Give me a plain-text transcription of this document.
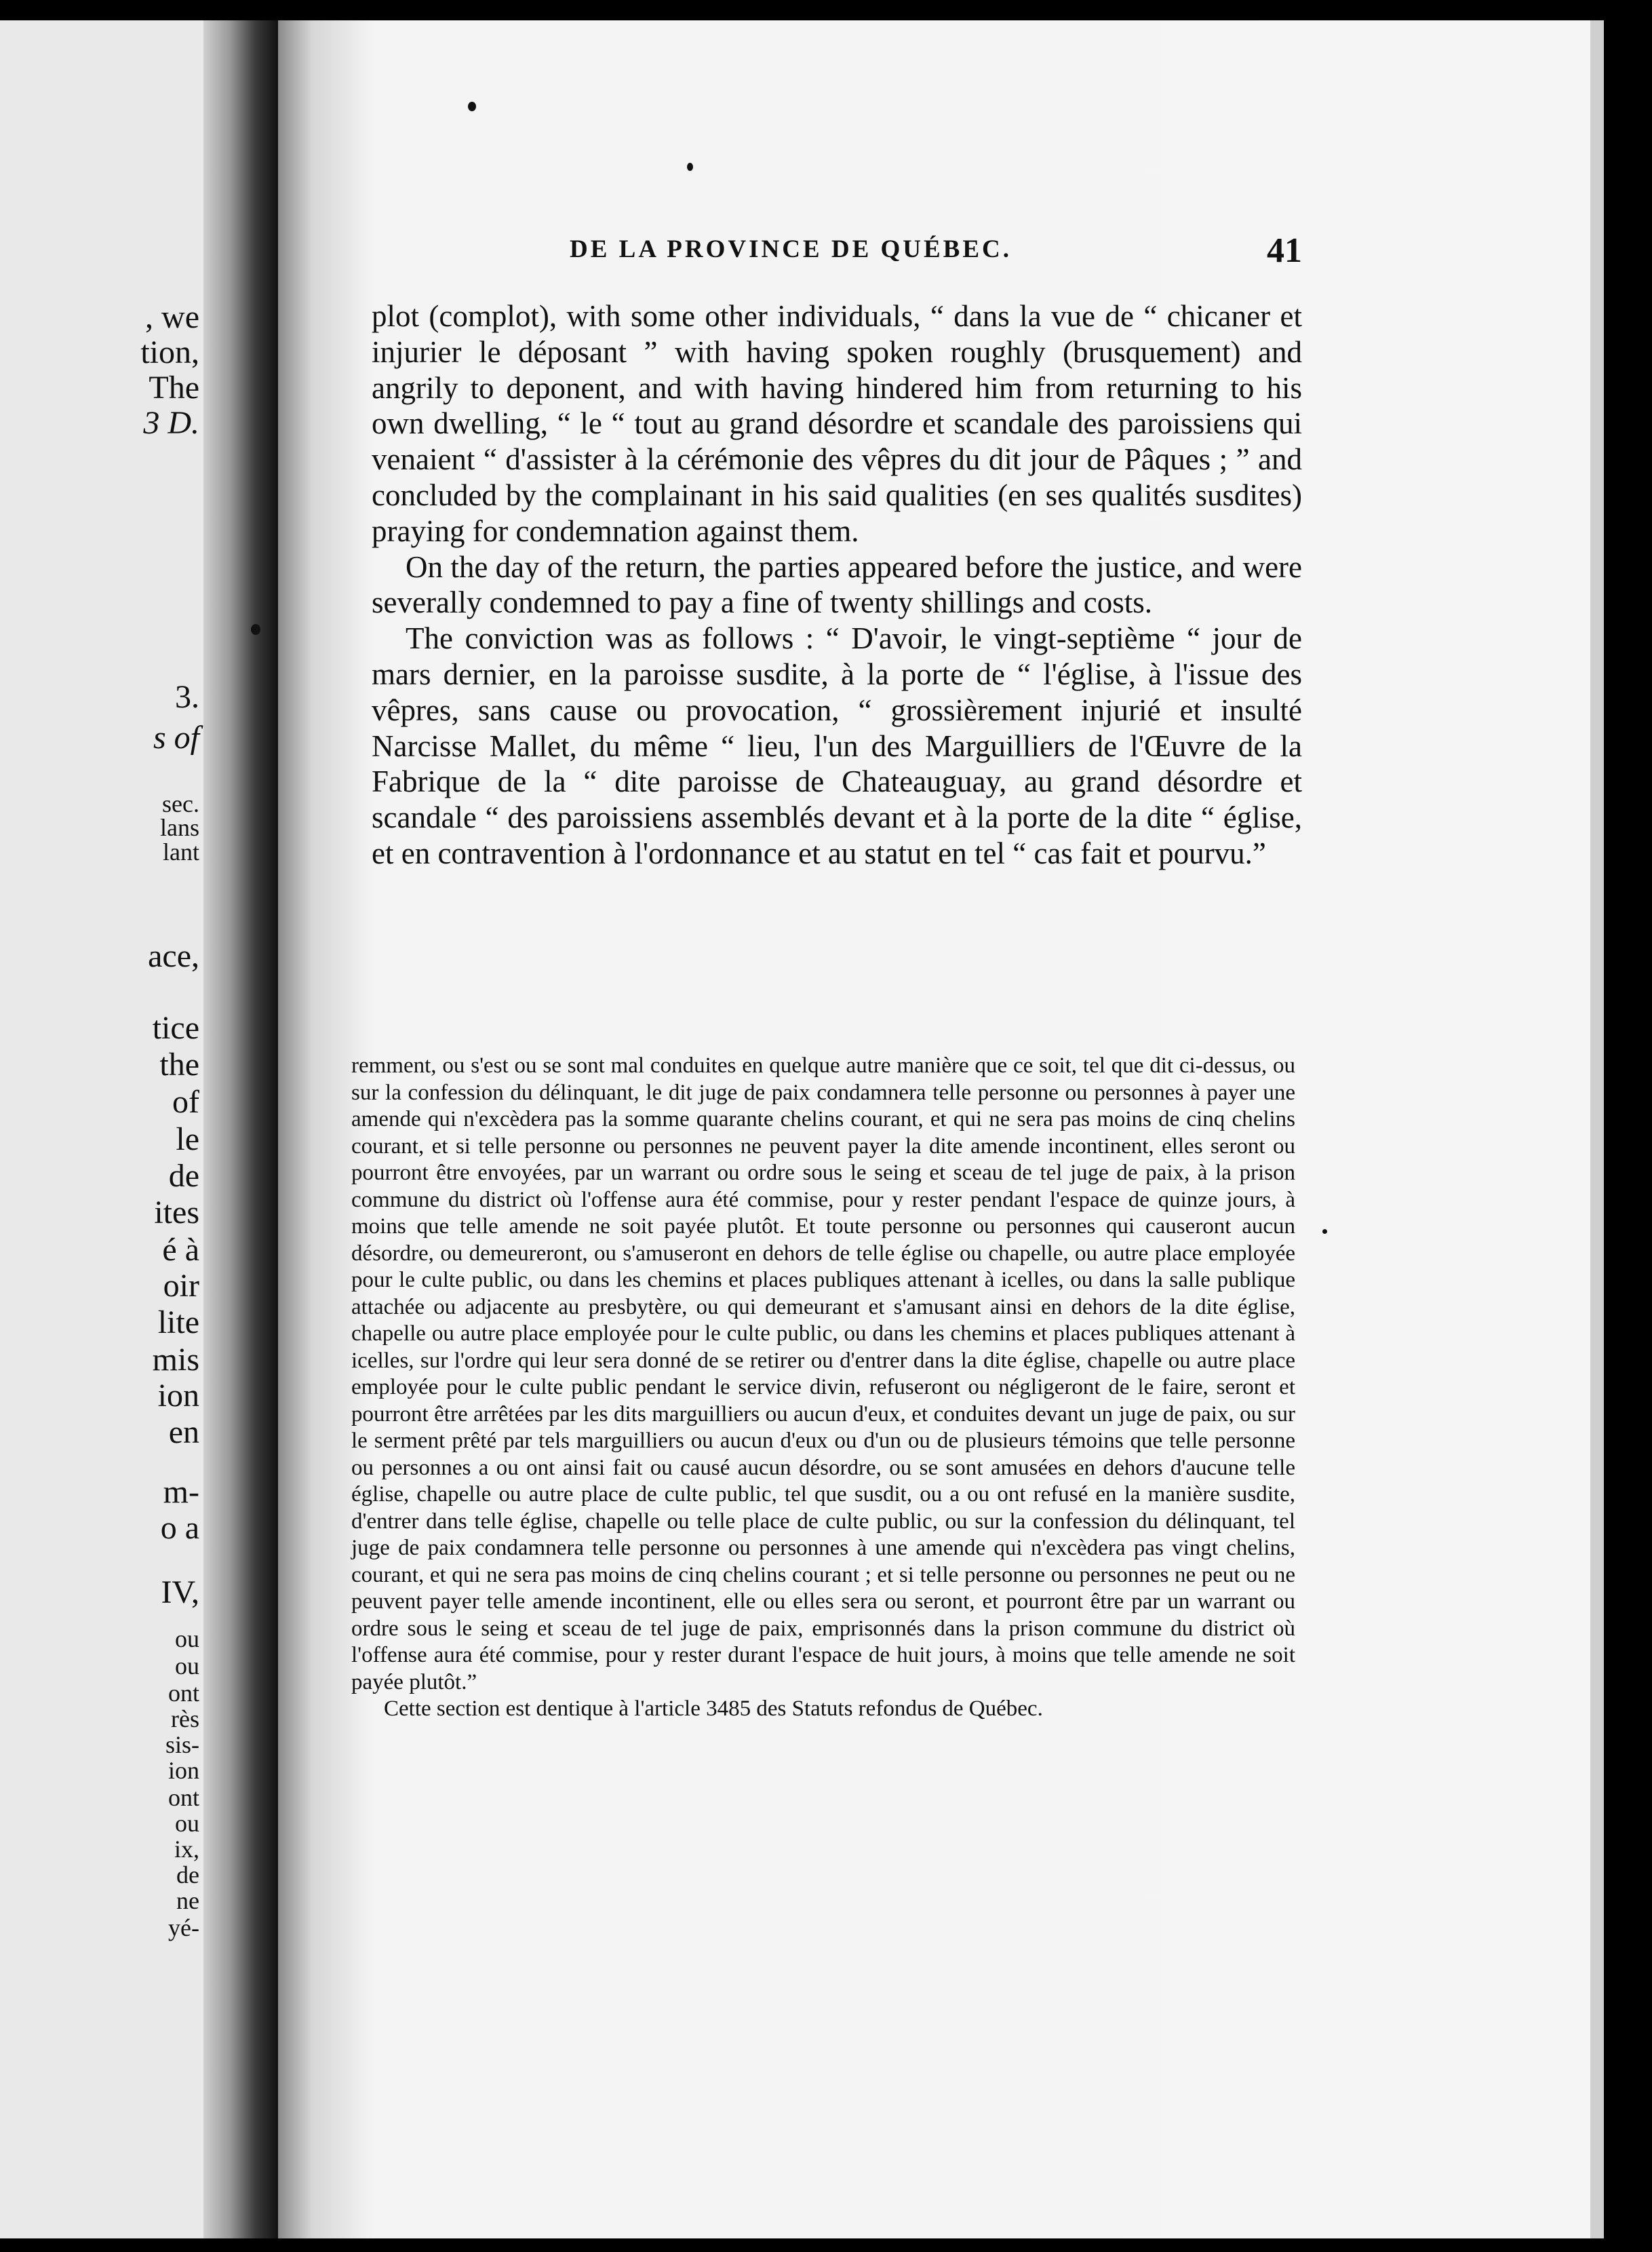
, we
tion,
The
3 D.
3.
s of
sec.
lans
lant
ace,
tice
the
of
le
de
ites
é à
oir
lite
mis
ion
en
m-
o a
IV,
ou
ou
ont
rès
sis-
ion
ont
ou
ix,
de
ne
yé-
DE LA PROVINCE DE QUÉBEC.	41

plot (complot), with some other individuals, “ dans la vue de “ chicaner et injurier le déposant ” with having spoken roughly (brusquement) and angrily to deponent, and with having hindered him from returning to his own dwelling, “ le “ tout au grand désordre et scandale des paroissiens qui venaient “ d'assister à la cérémonie des vêpres du dit jour de Pâques ; ” and concluded by the complainant in his said qualities (en ses qualités susdites) praying for condemnation against them.

On the day of the return, the parties appeared before the justice, and were severally condemned to pay a fine of twenty shillings and costs.

The conviction was as follows : “ D'avoir, le vingt-septième “ jour de mars dernier, en la paroisse susdite, à la porte de “ l'église, à l'issue des vêpres, sans cause ou provocation, “ grossièrement injurié et insulté Narcisse Mallet, du même “ lieu, l'un des Marguilliers de l'Œuvre de la Fabrique de la “ dite paroisse de Chateauguay, au grand désordre et scandale “ des paroissiens assemblés devant et à la porte de la dite “ église, et en contravention à l'ordonnance et au statut en tel “ cas fait et pourvu.”

remment, ou s'est ou se sont mal conduites en quelque autre manière que ce soit, tel que dit ci-dessus, ou sur la confession du délinquant, le dit juge de paix condamnera telle personne ou personnes à payer une amende qui n'excèdera pas la somme quarante chelins courant, et qui ne sera pas moins de cinq chelins courant, et si telle personne ou personnes ne peuvent payer la dite amende incontinent, elles seront ou pourront être envoyées, par un warrant ou ordre sous le seing et sceau de tel juge de paix, à la prison commune du district où l'offense aura été commise, pour y rester pendant l'espace de quinze jours, à moins que telle amende ne soit payée plutôt. Et toute personne ou personnes qui causeront aucun désordre, ou demeureront, ou s'amuseront en dehors de telle église ou chapelle, ou autre place employée pour le culte public, ou dans les chemins et places publiques attenant à icelles, ou dans la salle publique attachée ou adjacente au presbytère, ou qui demeurant et s'amusant ainsi en dehors de la dite église, chapelle ou autre place employée pour le culte public, ou dans les chemins et places publiques attenant à icelles, sur l'ordre qui leur sera donné de se retirer ou d'entrer dans la dite église, chapelle ou autre place employée pour le culte public pendant le service divin, refuseront ou négligeront de le faire, seront et pourront être arrêtées par les dits marguilliers ou aucun d'eux, et conduites devant un juge de paix, ou sur le serment prêté par tels marguilliers ou aucun d'eux ou d'un ou de plusieurs témoins que telle personne ou personnes a ou ont ainsi fait ou causé aucun désordre, ou se sont amusées en dehors d'aucune telle église, chapelle ou autre place de culte public, tel que susdit, ou a ou ont refusé en la manière susdite, d'entrer dans telle église, chapelle ou telle place de culte public, ou sur la confession du délinquant, tel juge de paix condamnera telle personne ou personnes à une amende qui n'excèdera pas vingt chelins, courant, et qui ne sera pas moins de cinq chelins courant ; et si telle personne ou personnes ne peut ou ne peuvent payer telle amende incontinent, elle ou elles sera ou seront, et pourront être par un warrant ou ordre sous le seing et sceau de tel juge de paix, emprisonnés dans la prison commune du district où l'offense aura été commise, pour y rester durant l'espace de huit jours, à moins que telle amende ne soit payée plutôt.”

Cette section est dentique à l'article 3485 des Statuts refondus de Québec.
